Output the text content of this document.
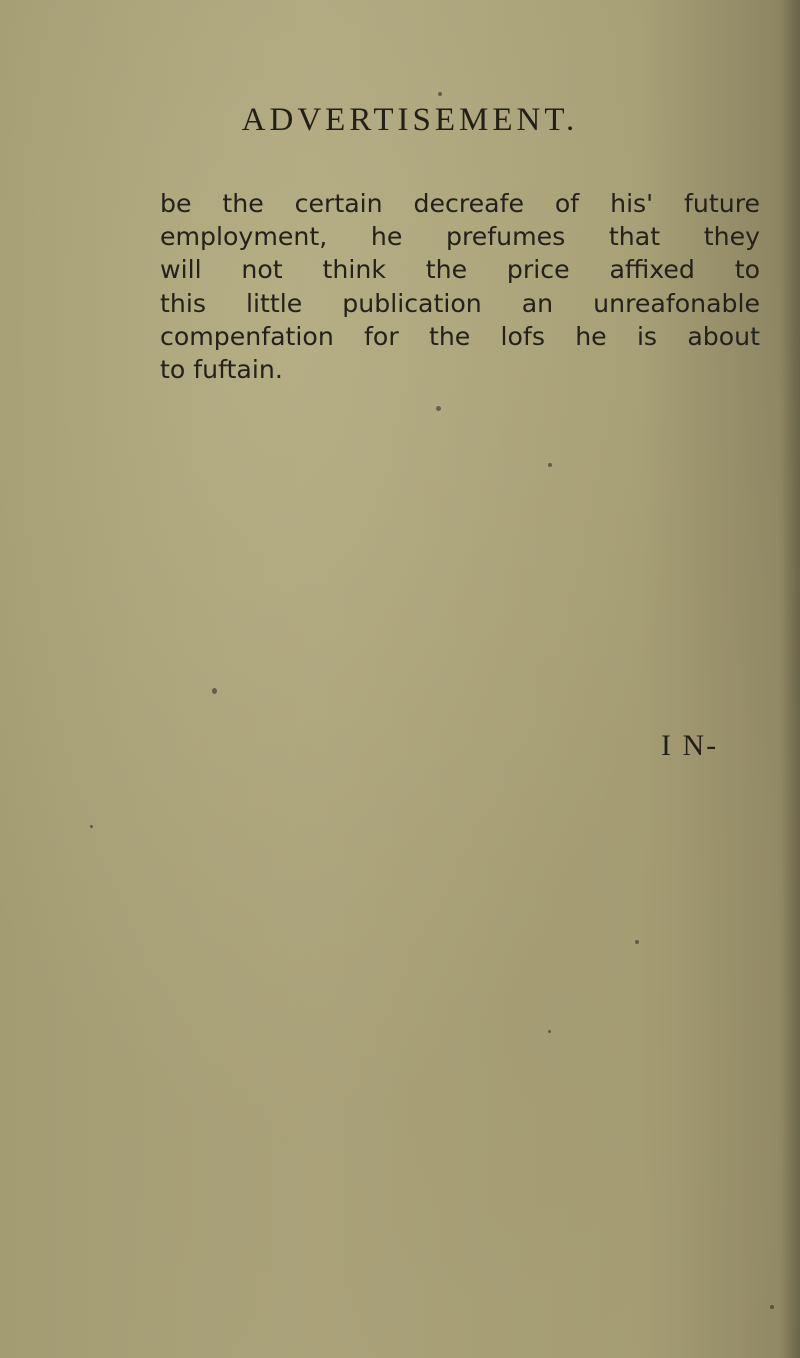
ADVERTISEMENT.
be the certain decreafe of his' future
employment, he prefumes that they
will not think the price affixed to
this little publication an unreafonable
compenfation for the lofs he is about
to fuftain.
I N-
